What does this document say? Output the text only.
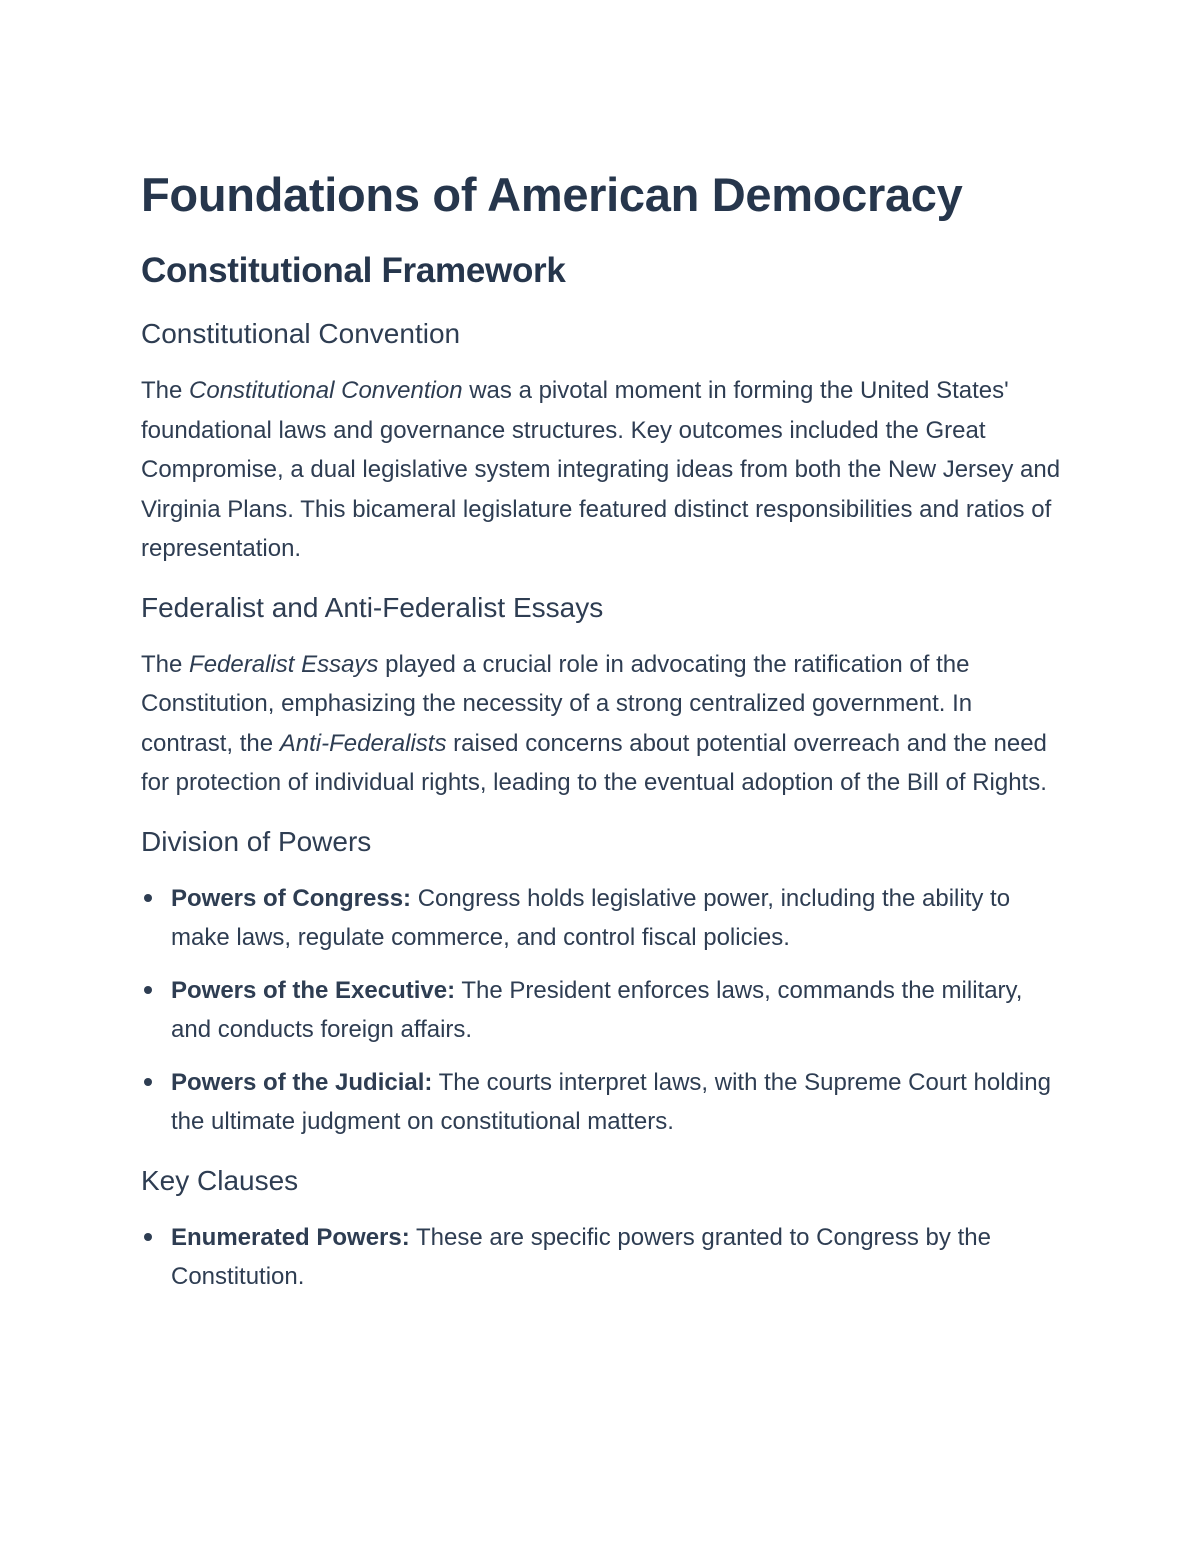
Foundations of American Democracy
Constitutional Framework
Constitutional Convention

The Constitutional Convention was a pivotal moment in forming the United States' foundational laws and governance structures. Key outcomes included the Great Compromise, a dual legislative system integrating ideas from both the New Jersey and Virginia Plans. This bicameral legislature featured distinct responsibilities and ratios of representation.

Federalist and Anti-Federalist Essays

The Federalist Essays played a crucial role in advocating the ratification of the Constitution, emphasizing the necessity of a strong centralized government. In contrast, the Anti-Federalists raised concerns about potential overreach and the need for protection of individual rights, leading to the eventual adoption of the Bill of Rights.

Division of Powers
Powers of Congress: Congress holds legislative power, including the ability to make laws, regulate commerce, and control fiscal policies.
Powers of the Executive: The President enforces laws, commands the military, and conducts foreign affairs.
Powers of the Judicial: The courts interpret laws, with the Supreme Court holding the ultimate judgment on constitutional matters.
Key Clauses
Enumerated Powers: These are specific powers granted to Congress by the Constitution.
